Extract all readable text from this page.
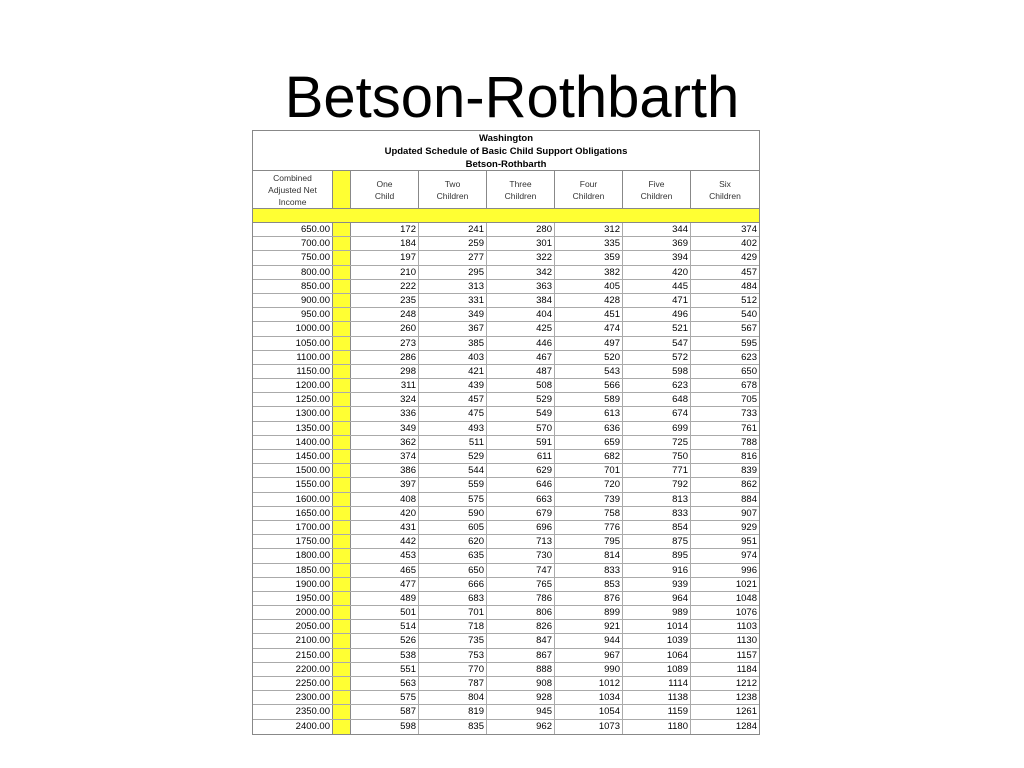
Betson-Rothbarth
Washington
Updated Schedule of Basic Child Support Obligations
Betson-Rothbarth
Combined
Adjusted Net
Income
One
Child
Two
Children
Three
Children
Four
Children
Five
Children
Six
Children
650.00	172	241	280	312	344	374
700.00	184	259	301	335	369	402
750.00	197	277	322	359	394	429
800.00	210	295	342	382	420	457
850.00	222	313	363	405	445	484
900.00	235	331	384	428	471	512
950.00	248	349	404	451	496	540
1000.00	260	367	425	474	521	567
1050.00	273	385	446	497	547	595
1100.00	286	403	467	520	572	623
1150.00	298	421	487	543	598	650
1200.00	311	439	508	566	623	678
1250.00	324	457	529	589	648	705
1300.00	336	475	549	613	674	733
1350.00	349	493	570	636	699	761
1400.00	362	511	591	659	725	788
1450.00	374	529	611	682	750	816
1500.00	386	544	629	701	771	839
1550.00	397	559	646	720	792	862
1600.00	408	575	663	739	813	884
1650.00	420	590	679	758	833	907
1700.00	431	605	696	776	854	929
1750.00	442	620	713	795	875	951
1800.00	453	635	730	814	895	974
1850.00	465	650	747	833	916	996
1900.00	477	666	765	853	939	1021
1950.00	489	683	786	876	964	1048
2000.00	501	701	806	899	989	1076
2050.00	514	718	826	921	1014	1103
2100.00	526	735	847	944	1039	1130
2150.00	538	753	867	967	1064	1157
2200.00	551	770	888	990	1089	1184
2250.00	563	787	908	1012	1114	1212
2300.00	575	804	928	1034	1138	1238
2350.00	587	819	945	1054	1159	1261
2400.00	598	835	962	1073	1180	1284
